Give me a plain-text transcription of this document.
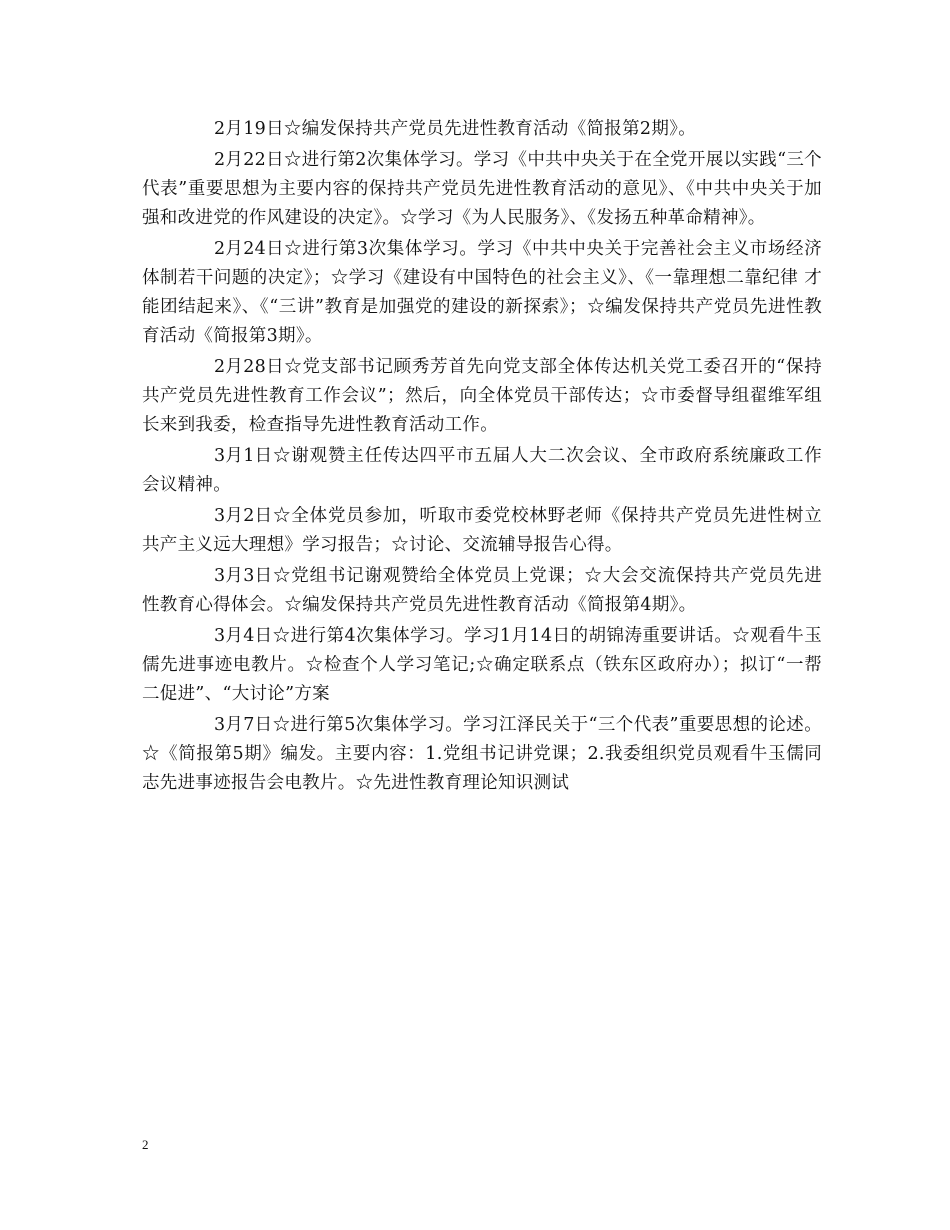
2月19日☆编发保持共产党员先进性教育活动《简报第2期》。

2月22日☆进行第2次集体学习。学习《中共中央关于在全党开展以实践“三个代表”重要思想为主要内容的保持共产党员先进性教育活动的意见》、《中共中央关于加强和改进党的作风建设的决定》。☆学习《为人民服务》、《发扬五种革命精神》。

2月24日☆进行第3次集体学习。学习《中共中央关于完善社会主义市场经济体制若干问题的决定》；☆学习《建设有中国特色的社会主义》、《一靠理想二靠纪律 才能团结起来》、《“三讲”教育是加强党的建设的新探索》；☆编发保持共产党员先进性教育活动《简报第3期》。

2月28日☆党支部书记顾秀芳首先向党支部全体传达机关党工委召开的“保持共产党员先进性教育工作会议”；然后，向全体党员干部传达；☆市委督导组翟维军组长来到我委，检查指导先进性教育活动工作。

3月1日☆谢观赞主任传达四平市五届人大二次会议、全市政府系统廉政工作会议精神。

3月2日☆全体党员参加，听取市委党校林野老师《保持共产党员先进性树立共产主义远大理想》学习报告；☆讨论、交流辅导报告心得。

3月3日☆党组书记谢观赞给全体党员上党课；☆大会交流保持共产党员先进性教育心得体会。☆编发保持共产党员先进性教育活动《简报第4期》。

3月4日☆进行第4次集体学习。学习1月14日的胡锦涛重要讲话。☆观看牛玉儒先进事迹电教片。☆检查个人学习笔记;☆确定联系点（铁东区政府办）；拟订“一帮二促进”、“大讨论”方案

3月7日☆进行第5次集体学习。学习江泽民关于“三个代表”重要思想的论述。☆《简报第5期》编发。主要内容：1.党组书记讲党课；2.我委组织党员观看牛玉儒同志先进事迹报告会电教片。☆先进性教育理论知识测试

2
